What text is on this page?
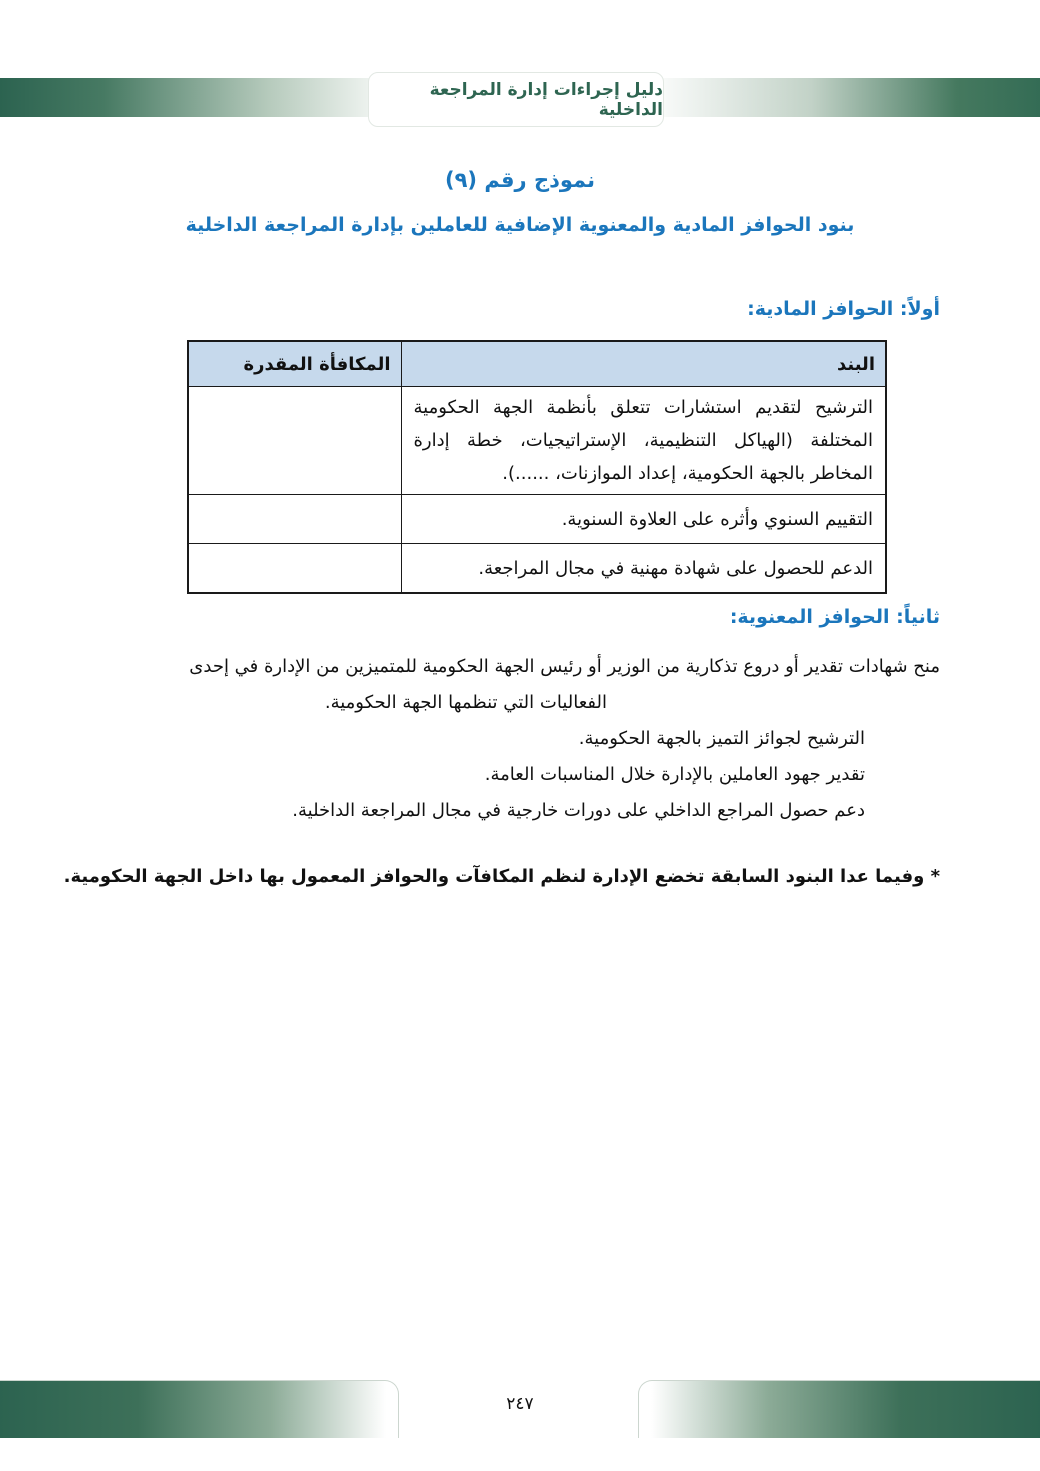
دليل إجراءات إدارة المراجعة الداخلية
نموذج رقم (٩)
بنود الحوافز المادية والمعنوية الإضافية للعاملين بإدارة المراجعة الداخلية
أولاً: الحوافز المادية:
البند	المكافأة المقدرة
الترشيح لتقديم استشارات تتعلق بأنظمة الجهة الحكومية المختلفة (الهياكل التنظيمية، الإستراتيجيات، خطة إدارة المخاطر بالجهة الحكومية، إعداد الموازنات، ......).	
التقييم السنوي وأثره على العلاوة السنوية.	
الدعم للحصول على شهادة مهنية في مجال المراجعة.	
ثانياً: الحوافز المعنوية:
منح شهادات تقدير أو دروع تذكارية من الوزير أو رئيس الجهة الحكومية للمتميزين من الإدارة في إحدى
الفعاليات التي تنظمها الجهة الحكومية.
الترشيح لجوائز التميز بالجهة الحكومية.
تقدير جهود العاملين بالإدارة خلال المناسبات العامة.
دعم حصول المراجع الداخلي على دورات خارجية في مجال المراجعة الداخلية.
* وفيما عدا البنود السابقة تخضع الإدارة لنظم المكافآت والحوافز المعمول بها داخل الجهة الحكومية.
٢٤٧
